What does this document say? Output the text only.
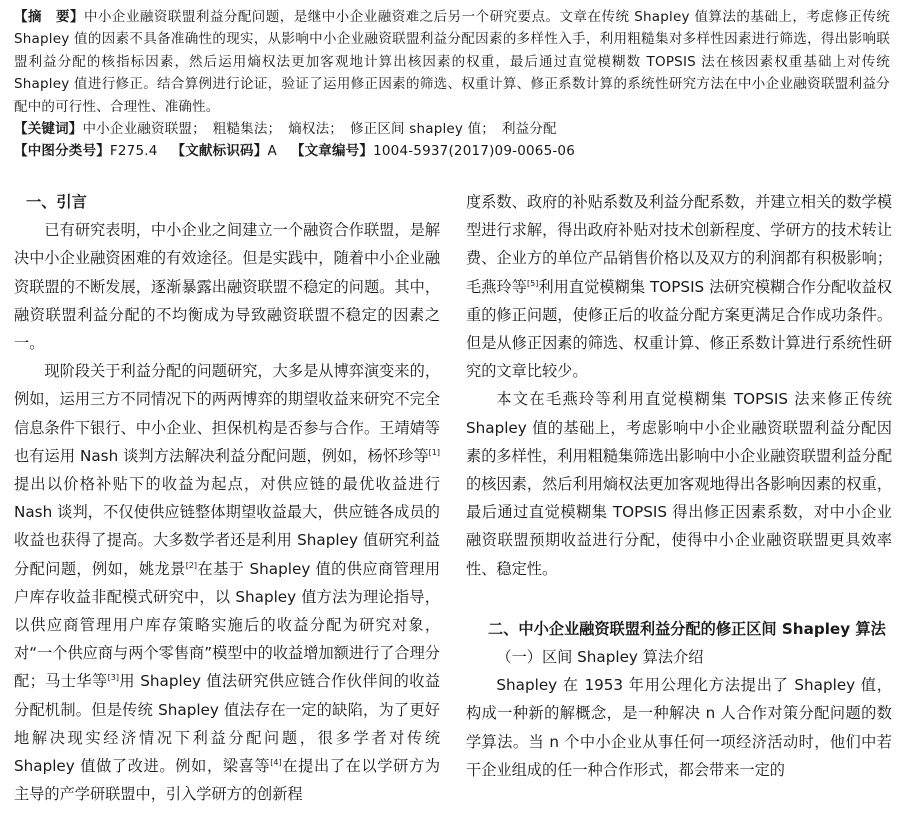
【摘　要】中小企业融资联盟利益分配问题，是继中小企业融资难之后另一个研究要点。文章在传统 Shapley 值算法的基础上，考虑修正传统 Shapley 值的因素不具备准确性的现实，从影响中小企业融资联盟利益分配因素的多样性入手，利用粗糙集对多样性因素进行筛选，得出影响联盟利益分配的核指标因素，然后运用熵权法更加客观地计算出核因素的权重，最后通过直觉模糊数 TOPSIS 法在核因素权重基础上对传统 Shapley 值进行修正。结合算例进行论证，验证了运用修正因素的筛选、权重计算、修正系数计算的系统性研究方法在中小企业融资联盟利益分配中的可行性、合理性、准确性。

【关键词】中小企业融资联盟；　粗糙集法；　熵权法；　修正区间 shapley 值；　利益分配

【中图分类号】F275.4 【文献标识码】A 【文章编号】1004-5937(2017)09-0065-06

一、引言

已有研究表明，中小企业之间建立一个融资合作联盟，是解决中小企业融资困难的有效途径。但是实践中，随着中小企业融资联盟的不断发展，逐渐暴露出融资联盟不稳定的问题。其中，融资联盟利益分配的不均衡成为导致融资联盟不稳定的因素之一。

现阶段关于利益分配的问题研究，大多是从博弈演变来的，例如，运用三方不同情况下的两两博弈的期望收益来研究不完全信息条件下银行、中小企业、担保机构是否参与合作。王靖婧等也有运用 Nash 谈判方法解决利益分配问题，例如，杨怀珍等[1]提出以价格补贴下的收益为起点，对供应链的最优收益进行 Nash 谈判，不仅使供应链整体期望收益最大，供应链各成员的收益也获得了提高。大多数学者还是利用 Shapley 值研究利益分配问题，例如，姚龙景[2]在基于 Shapley 值的供应商管理用户库存收益非配模式研究中，以 Shapley 值方法为理论指导，以供应商管理用户库存策略实施后的收益分配为研究对象，对“一个供应商与两个零售商”模型中的收益增加额进行了合理分配；马士华等[3]用 Shapley 值法研究供应链合作伙伴间的收益分配机制。但是传统 Shapley 值法存在一定的缺陷，为了更好地解决现实经济情况下利益分配问题，很多学者对传统 Shapley 值做了改进。例如，梁喜等[4]在提出了在以学研方为主导的产学研联盟中，引入学研方的创新程

度系数、政府的补贴系数及利益分配系数，并建立相关的数学模型进行求解，得出政府补贴对技术创新程度、学研方的技术转让费、企业方的单位产品销售价格以及双方的利润都有积极影响；毛燕玲等[5]利用直觉模糊集 TOPSIS 法研究模糊合作分配收益权重的修正问题，使修正后的收益分配方案更满足合作成功条件。但是从修正因素的筛选、权重计算、修正系数计算进行系统性研究的文章比较少。

本文在毛燕玲等利用直觉模糊集 TOPSIS 法来修正传统 Shapley 值的基础上，考虑影响中小企业融资联盟利益分配因素的多样性，利用粗糙集筛选出影响中小企业融资联盟利益分配的核因素，然后利用熵权法更加客观地得出各影响因素的权重，最后通过直觉模糊集 TOPSIS 得出修正因素系数，对中小企业融资联盟预期收益进行分配，使得中小企业融资联盟更具效率性、稳定性。

二、中小企业融资联盟利益分配的修正区间 Shapley 算法

（一）区间 Shapley 算法介绍

Shapley 在 1953 年用公理化方法提出了 Shapley 值，构成一种新的解概念，是一种解决 n 人合作对策分配问题的数学算法。当 n 个中小企业从事任何一项经济活动时，他们中若干企业组成的任一种合作形式，都会带来一定的
